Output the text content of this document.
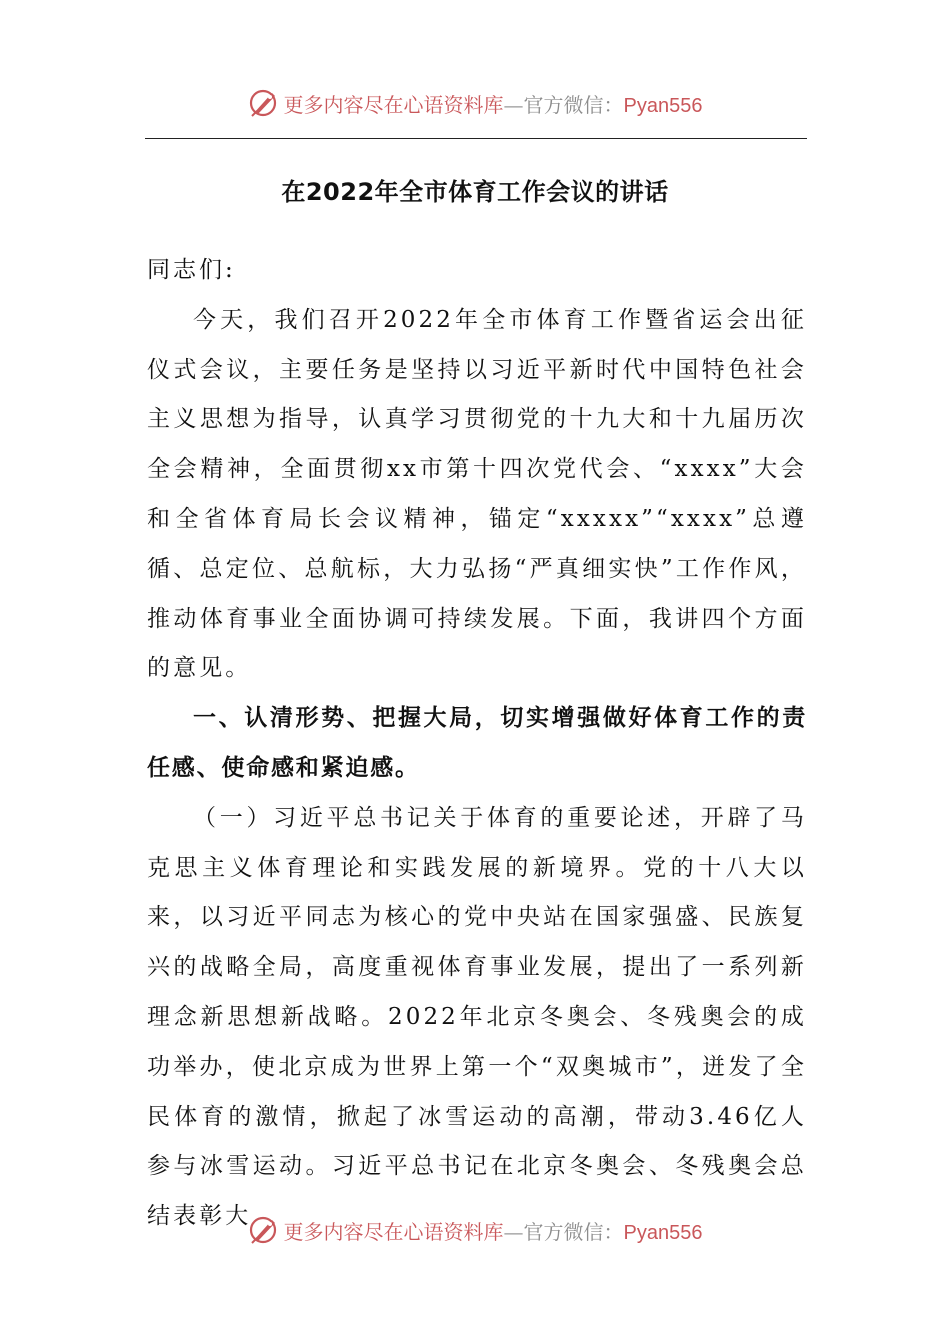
更多内容尽在心语资料库—官方微信：Pyan556
在2022年全市体育工作会议的讲话

同志们:

今天，我们召开2022年全市体育工作暨省运会出征仪式会议，主要任务是坚持以习近平新时代中国特色社会主义思想为指导，认真学习贯彻党的十九大和十九届历次全会精神，全面贯彻xx市第十四次党代会、“xxxx”大会和全省体育局长会议精神，锚定“xxxxx”“xxxx”总遵循、总定位、总航标，大力弘扬“严真细实快”工作作风，推动体育事业全面协调可持续发展。下面，我讲四个方面的意见。

一、认清形势、把握大局，切实增强做好体育工作的责任感、使命感和紧迫感。

（一）习近平总书记关于体育的重要论述，开辟了马克思主义体育理论和实践发展的新境界。党的十八大以来，以习近平同志为核心的党中央站在国家强盛、民族复兴的战略全局，高度重视体育事业发展，提出了一系列新理念新思想新战略。2022年北京冬奥会、冬残奥会的成功举办，使北京成为世界上第一个“双奥城市”，迸发了全民体育的激情，掀起了冰雪运动的高潮，带动3.46亿人参与冰雪运动。习近平总书记在北京冬奥会、冬残奥会总结表彰大

更多内容尽在心语资料库—官方微信：Pyan556
